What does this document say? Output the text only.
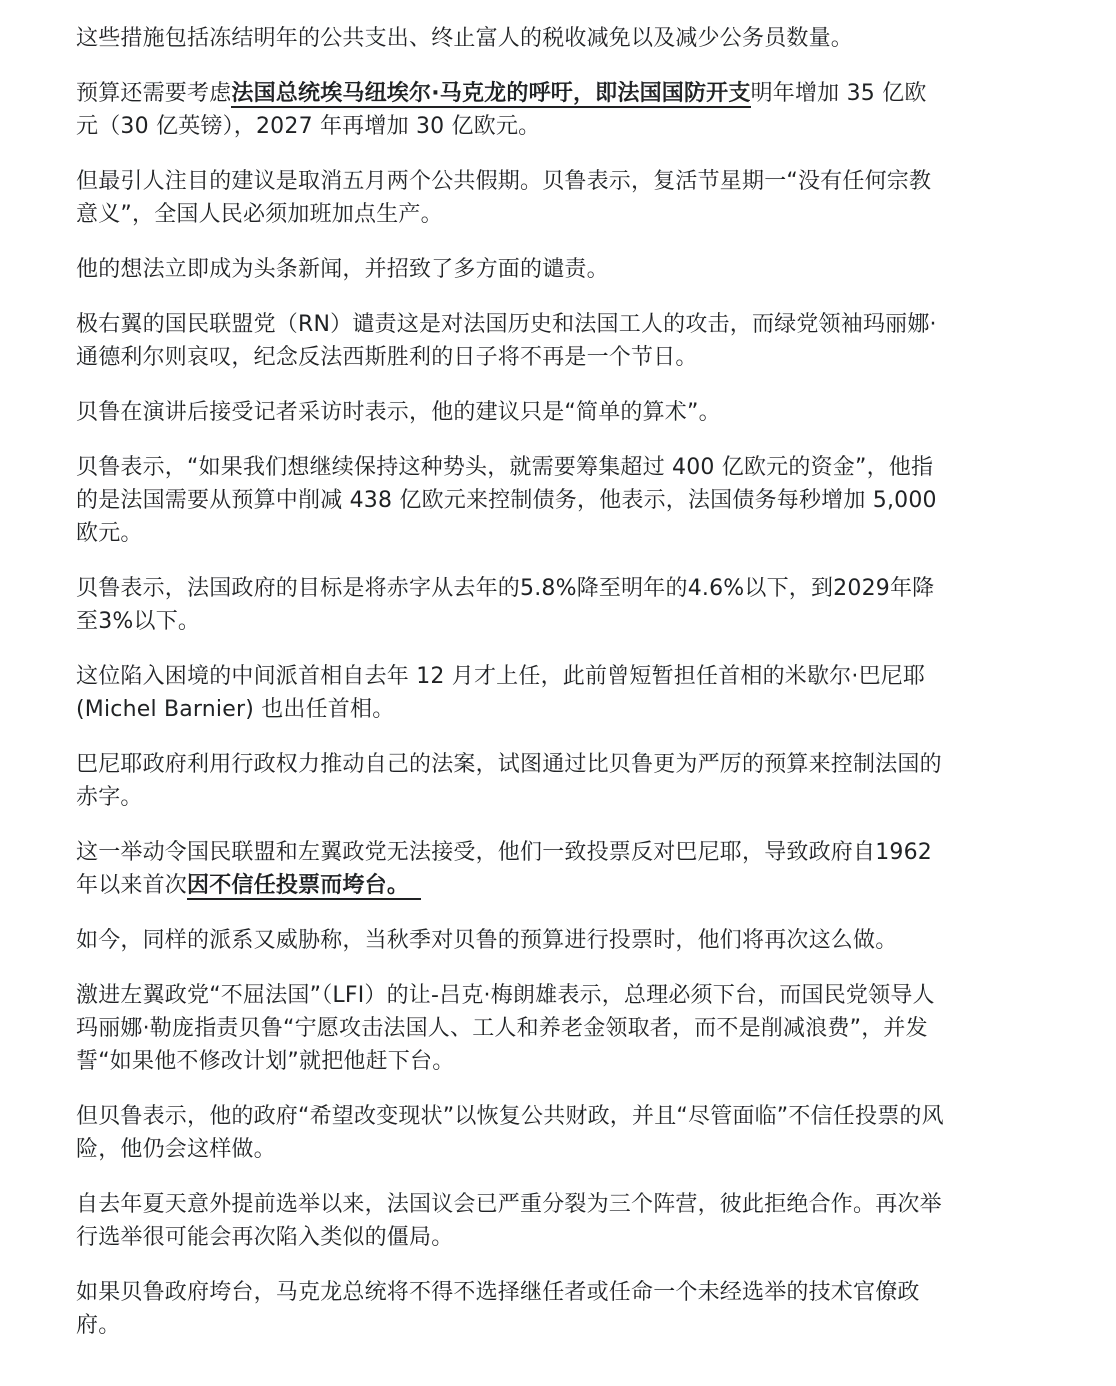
这些措施包括冻结明年的公共支出、终止富人的税收减免以及减少公务员数量。

预算还需要考虑法国总统埃马纽埃尔·马克龙的呼吁，即法国国防开支明年增加 35 亿欧元（30 亿英镑），2027 年再增加 30 亿欧元。

但最引人注目的建议是取消五月两个公共假期。贝鲁表示，复活节星期一“没有任何宗教意义”，全国人民必须加班加点生产。

他的想法立即成为头条新闻，并招致了多方面的谴责。

极右翼的国民联盟党（RN）谴责这是对法国历史和法国工人的攻击，而绿党领袖玛丽娜·通德利尔则哀叹，纪念反法西斯胜利的日子将不再是一个节日。

贝鲁在演讲后接受记者采访时表示，他的建议只是“简单的算术”。

贝鲁表示，“如果我们想继续保持这种势头，就需要筹集超过 400 亿欧元的资金”，他指的是法国需要从预算中削减 438 亿欧元来控制债务，他表示，法国债务每秒增加 5,000 欧元。

贝鲁表示，法国政府的目标是将赤字从去年的5.8%降至明年的4.6%以下，到2029年降至3%以下。

这位陷入困境的中间派首相自去年 12 月才上任，此前曾短暂担任首相的米歇尔·巴尼耶 (Michel Barnier) 也出任首相。

巴尼耶政府利用行政权力推动自己的法案，试图通过比贝鲁更为严厉的预算来控制法国的赤字。

这一举动令国民联盟和左翼政党无法接受，他们一致投票反对巴尼耶，导致政府自1962年以来首次因不信任投票而垮台。

如今，同样的派系又威胁称，当秋季对贝鲁的预算进行投票时，他们将再次这么做。

激进左翼政党“不屈法国”（LFI）的让-吕克·梅朗雄表示，总理必须下台，而国民党领导人玛丽娜·勒庞指责贝鲁“宁愿攻击法国人、工人和养老金领取者，而不是削减浪费”，并发誓“如果他不修改计划”就把他赶下台。

但贝鲁表示，他的政府“希望改变现状”以恢复公共财政，并且“尽管面临”不信任投票的风险，他仍会这样做。

自去年夏天意外提前选举以来，法国议会已严重分裂为三个阵营，彼此拒绝合作。再次举行选举很可能会再次陷入类似的僵局。

如果贝鲁政府垮台，马克龙总统将不得不选择继任者或任命一个未经选举的技术官僚政府。
